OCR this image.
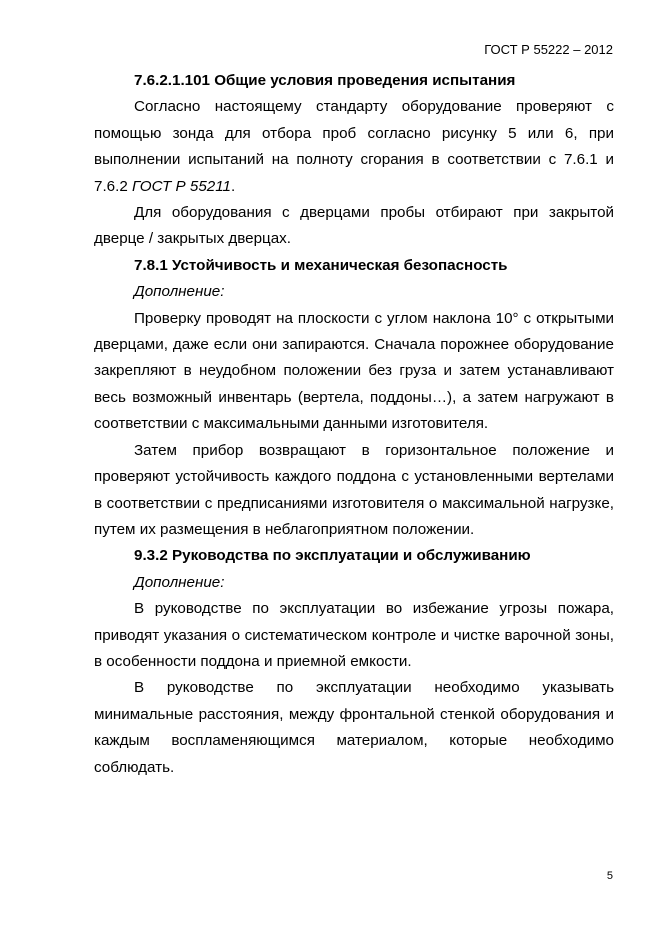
ГОСТ Р 55222 – 2012

7.6.2.1.101 Общие условия проведения испытания

Согласно настоящему стандарту оборудование проверяют с помощью зонда для отбора проб согласно рисунку 5 или 6, при выполнении испытаний на полноту сгорания в соответствии с 7.6.1 и 7.6.2 ГОСТ Р 55211.

Для оборудования с дверцами пробы отбирают при закрытой дверце / закрытых дверцах.

7.8.1 Устойчивость и механическая безопасность

Дополнение:

Проверку проводят на плоскости с углом наклона 10° с открытыми дверцами, даже если они запираются. Сначала порожнее оборудование закрепляют в неудобном положении без груза и затем устанавливают весь возможный инвентарь (вертела, поддоны…), а затем нагружают в соответствии с максимальными данными изготовителя.

Затем прибор возвращают в горизонтальное положение и проверяют устойчивость каждого поддона с установленными вертелами в соответствии с предписаниями изготовителя о максимальной нагрузке, путем их размещения в неблагоприятном положении.

9.3.2 Руководства по эксплуатации и обслуживанию

Дополнение:

В руководстве по эксплуатации во избежание угрозы пожара, приводят указания о систематическом контроле и чистке варочной зоны, в особенности поддона и приемной емкости.

В руководстве по эксплуатации необходимо указывать минимальные расстояния, между фронтальной стенкой оборудования и каждым воспламеняющимся материалом, которые необходимо соблюдать.

5
